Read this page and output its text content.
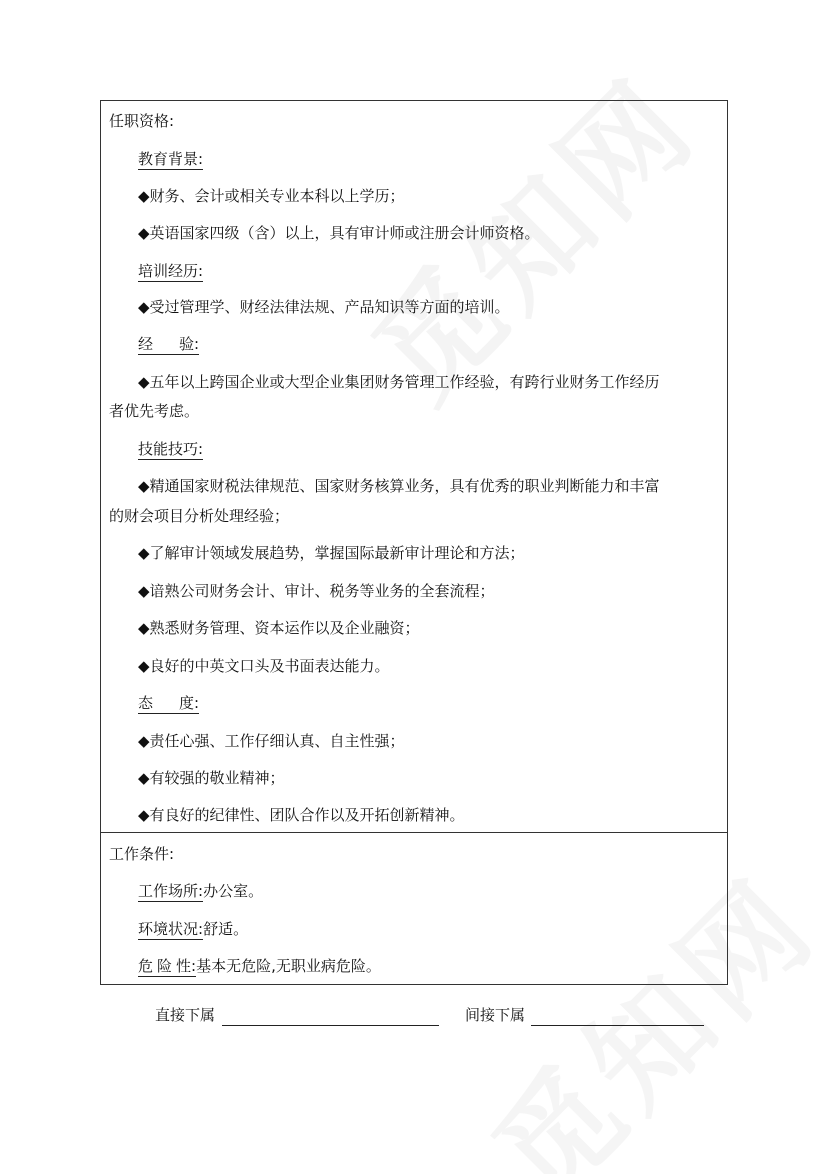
任职资格:
教育背景:
◆财务、会计或相关专业本科以上学历；
◆英语国家四级（含）以上，具有审计师或注册会计师资格。
培训经历:
◆受过管理学、财经法律法规、产品知识等方面的培训。
经验:
◆五年以上跨国企业或大型企业集团财务管理工作经验，有跨行业财务工作经历
者优先考虑。
技能技巧:
◆精通国家财税法律规范、国家财务核算业务，具有优秀的职业判断能力和丰富
的财会项目分析处理经验；
◆了解审计领域发展趋势，掌握国际最新审计理论和方法；
◆谙熟公司财务会计、审计、税务等业务的全套流程；
◆熟悉财务管理、资本运作以及企业融资；
◆良好的中英文口头及书面表达能力。
态度:
◆责任心强、工作仔细认真、自主性强；
◆有较强的敬业精神；
◆有良好的纪律性、团队合作以及开拓创新精神。
工作条件:
工作场所:办公室。
环境状况:舒适。
危险性:基本无危险,无职业病危险。
直接下属	间接下属
